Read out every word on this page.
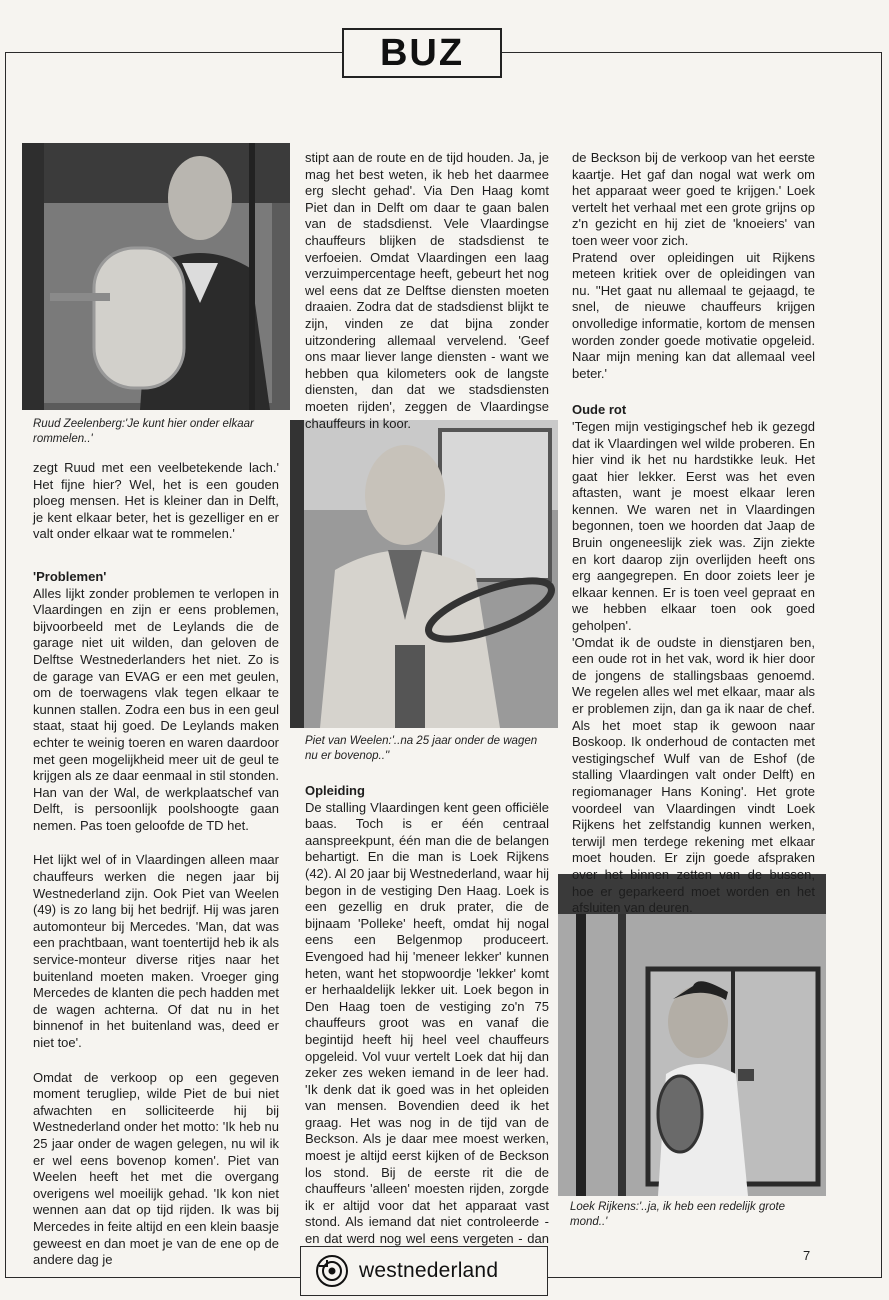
BUZ
Ruud Zeelenberg:'Je kunt hier onder elkaar rommelen..'
Piet van Weelen:'..na 25 jaar onder de wagen nu er bovenop..''
Loek Rijkens:'..ja, ik heb een redelijk grote mond..'

zegt Ruud met een veelbetekende lach.' Het fijne hier? Wel, het is een gouden ploeg mensen. Het is kleiner dan in Delft, je kent elkaar beter, het is gezelliger en er valt onder elkaar wat te rommelen.'

'Problemen'

Alles lijkt zonder problemen te verlopen in Vlaardingen en zijn er eens problemen, bijvoorbeeld met de Leylands die de garage niet uit wilden, dan geloven de Delftse Westnederlanders het niet. Zo is de garage van EVAG er een met geulen, om de toerwagens vlak tegen elkaar te kunnen stallen. Zodra een bus in een geul staat, staat hij goed. De Leylands maken echter te weinig toeren en waren daardoor met geen mogelijkheid meer uit de geul te krijgen als ze daar eenmaal in stil stonden. Han van der Wal, de werkplaatschef van Delft, is persoonlijk poolshoogte gaan nemen. Pas toen geloofde de TD het.

Het lijkt wel of in Vlaardingen alleen maar chauffeurs werken die negen jaar bij Westnederland zijn. Ook Piet van Weelen (49) is zo lang bij het bedrijf. Hij was jaren automonteur bij Mercedes. 'Man, dat was een prachtbaan, want toentertijd heb ik als service-monteur diverse ritjes naar het buitenland moeten maken. Vroeger ging Mercedes de klanten die pech hadden met de wagen achterna. Of dat nu in het binnenof in het buitenland was, deed er niet toe'.

Omdat de verkoop op een gegeven moment terugliep, wilde Piet de bui niet afwachten en solliciteerde hij bij Westnederland onder het motto: 'Ik heb nu 25 jaar onder de wagen gelegen, nu wil ik er wel eens bovenop komen'. Piet van Weelen heeft het met die overgang overigens wel moeilijk gehad. 'Ik kon niet wennen aan dat op tijd rijden. Ik was bij Mercedes in feite altijd en een klein baasje geweest en dan moet je van de ene op de andere dag je

stipt aan de route en de tijd houden. Ja, je mag het best weten, ik heb het daarmee erg slecht gehad'. Via Den Haag komt Piet dan in Delft om daar te gaan balen van de stadsdienst. Vele Vlaardingse chauffeurs blijken de stadsdienst te verfoeien. Omdat Vlaardingen een laag verzuimpercentage heeft, gebeurt het nog wel eens dat ze Delftse diensten moeten draaien. Zodra dat de stadsdienst blijkt te zijn, vinden ze dat bijna zonder uitzondering allemaal vervelend. 'Geef ons maar liever lange diensten - want we hebben qua kilometers ook de langste diensten, dan dat we stadsdiensten moeten rijden', zeggen de Vlaardingse chauffeurs in koor.

Opleiding

De stalling Vlaardingen kent geen officiële baas. Toch is er één centraal aanspreekpunt, één man die de belangen behartigt. En die man is Loek Rijkens (42). Al 20 jaar bij Westnederland, waar hij begon in de vestiging Den Haag. Loek is een gezellig en druk prater, die de bijnaam 'Polleke' heeft, omdat hij nogal eens een Belgenmop produceert. Evengoed had hij 'meneer lekker' kunnen heten, want het stopwoordje 'lekker' komt er herhaaldelijk lekker uit. Loek begon in Den Haag toen de vestiging zo'n 75 chauffeurs groot was en vanaf die begintijd heeft hij heel veel chauffeurs opgeleid. Vol vuur vertelt Loek dat hij dan zeker zes weken iemand in de leer had. 'Ik denk dat ik goed was in het opleiden van mensen. Bovendien deed ik het graag. Het was nog in de tijd van de Beckson. Als je daar mee moest werken, moest je altijd eerst kijken of de Beckson los stond. Bij de eerste rit die de chauffeurs 'alleen' moesten rijden, zorgde ik er altijd voor dat het apparaat vast stond. Als iemand dat niet controleerde - en dat werd nog wel eens vergeten - dan

de Beckson bij de verkoop van het eerste kaartje. Het gaf dan nogal wat werk om het apparaat weer goed te krijgen.' Loek vertelt het verhaal met een grote grijns op z'n gezicht en hij ziet de 'knoeiers' van toen weer voor zich.

Pratend over opleidingen uit Rijkens meteen kritiek over de opleidingen van nu. ''Het gaat nu allemaal te gejaagd, te snel, de nieuwe chauffeurs krijgen onvolledige informatie, kortom de mensen worden zonder goede motivatie opgeleid. Naar mijn mening kan dat allemaal veel beter.'

Oude rot

'Tegen mijn vestigingschef heb ik gezegd dat ik Vlaardingen wel wilde proberen. En hier vind ik het nu hardstikke leuk. Het gaat hier lekker. Eerst was het even aftasten, want je moest elkaar leren kennen. We waren net in Vlaardingen begonnen, toen we hoorden dat Jaap de Bruin ongeneeslijk ziek was. Zijn ziekte en kort daarop zijn overlijden heeft ons erg aangegrepen. En door zoiets leer je elkaar kennen. Er is toen veel gepraat en we hebben elkaar toen ook goed geholpen'.

'Omdat ik de oudste in dienstjaren ben, een oude rot in het vak, word ik hier door de jongens de stallingsbaas genoemd. We regelen alles wel met elkaar, maar als er problemen zijn, dan ga ik naar de chef. Als het moet stap ik gewoon naar Boskoop. Ik onderhoud de contacten met vestigingschef Wulf van de Eshof (de stalling Vlaardingen valt onder Delft) en regiomanager Hans Koning'. Het grote voordeel van Vlaardingen vindt Loek Rijkens het zelfstandig kunnen werken, terwijl men terdege rekening met elkaar moet houden. Er zijn goede afspraken over het binnen zetten van de bussen, hoe er geparkeerd moet worden en het afsluiten van deuren.

westnederland
7
